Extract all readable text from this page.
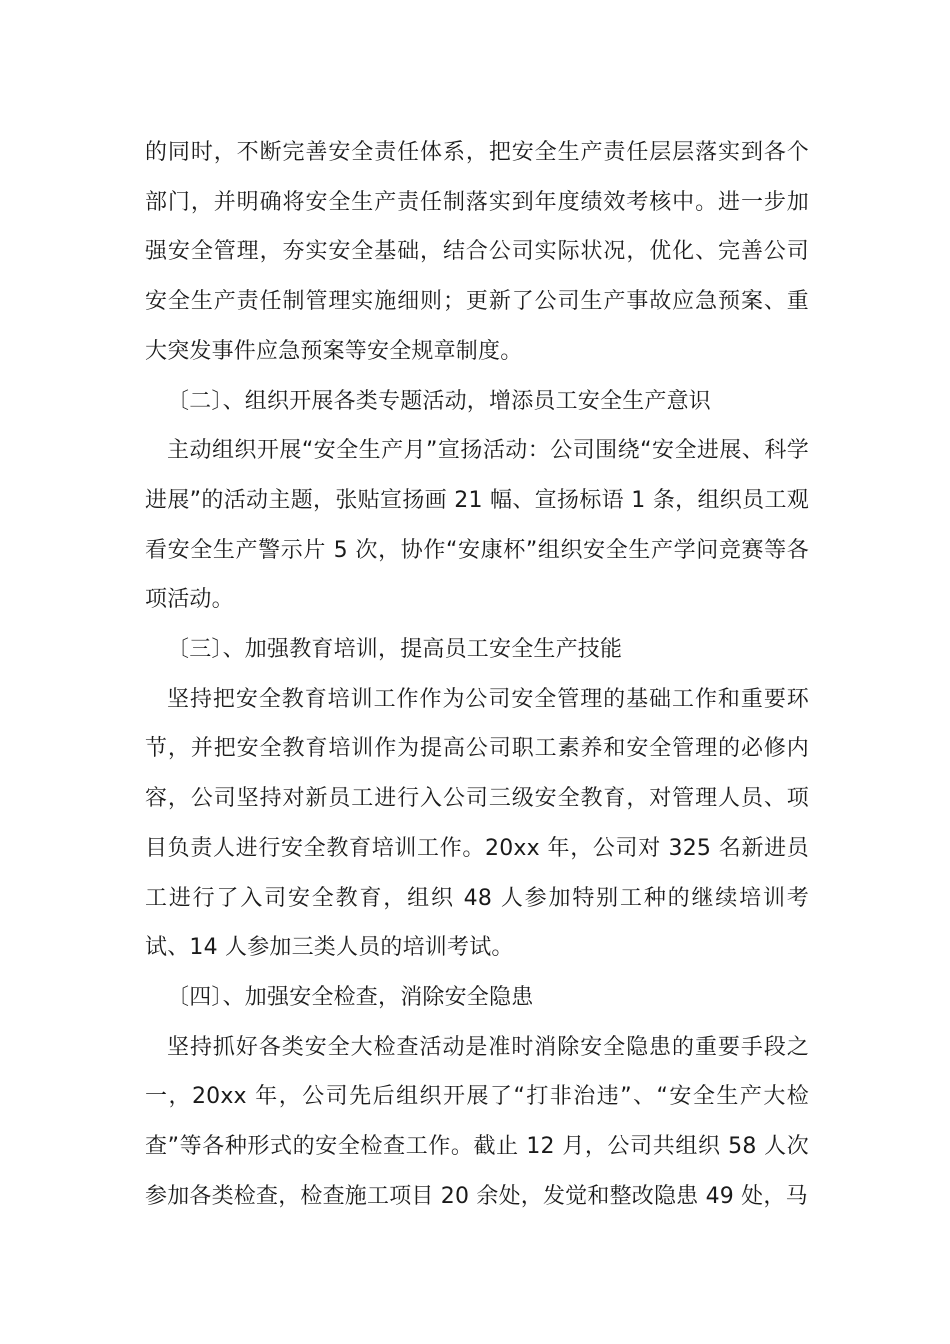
的同时，不断完善安全责任体系，把安全生产责任层层落实到各个部门，并明确将安全生产责任制落实到年度绩效考核中。进一步加强安全管理，夯实安全基础，结合公司实际状况，优化、完善公司安全生产责任制管理实施细则；更新了公司生产事故应急预案、重大突发事件应急预案等安全规章制度。

〔二〕、组织开展各类专题活动，增添员工安全生产意识

主动组织开展“安全生产月”宣扬活动：公司围绕“安全进展、科学进展”的活动主题，张贴宣扬画 21 幅、宣扬标语 1 条，组织员工观看安全生产警示片 5 次，协作“安康杯”组织安全生产学问竞赛等各项活动。

〔三〕、加强教育培训，提高员工安全生产技能

坚持把安全教育培训工作作为公司安全管理的基础工作和重要环节，并把安全教育培训作为提高公司职工素养和安全管理的必修内容，公司坚持对新员工进行入公司三级安全教育，对管理人员、项目负责人进行安全教育培训工作。20xx 年，公司对 325 名新进员工进行了入司安全教育，组织 48 人参加特别工种的继续培训考试、14 人参加三类人员的培训考试。

〔四〕、加强安全检查，消除安全隐患

坚持抓好各类安全大检查活动是准时消除安全隐患的重要手段之一，20xx 年，公司先后组织开展了“打非治违”、“安全生产大检查”等各种形式的安全检查工作。截止 12 月，公司共组织 58 人次参加各类检查，检查施工项目 20 余处，发觉和整改隐患 49 处，马
